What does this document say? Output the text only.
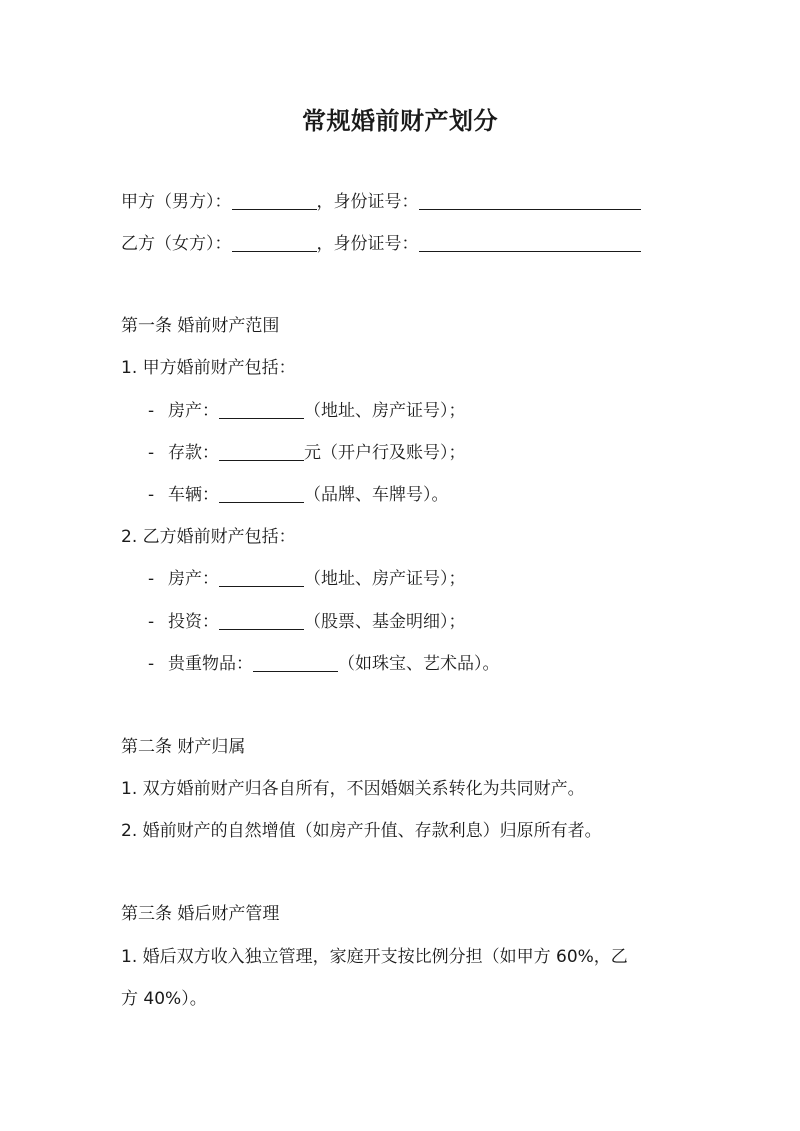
常规婚前财产划分
甲方（男方）：	，身份证号：
乙方（女方）：	，身份证号：
第一条 婚前财产范围
1. 甲方婚前财产包括：
- 房产：	（地址、房产证号）；
- 存款：	元（开户行及账号）；
- 车辆：	（品牌、车牌号）。
2. 乙方婚前财产包括：
- 房产：	（地址、房产证号）；
- 投资：	（股票、基金明细）；
- 贵重物品：	（如珠宝、艺术品）。
第二条 财产归属
1. 双方婚前财产归各自所有，不因婚姻关系转化为共同财产。
2. 婚前财产的自然增值（如房产升值、存款利息）归原所有者。
第三条 婚后财产管理
1. 婚后双方收入独立管理，家庭开支按比例分担（如甲方 60%，乙
方 40%）。
